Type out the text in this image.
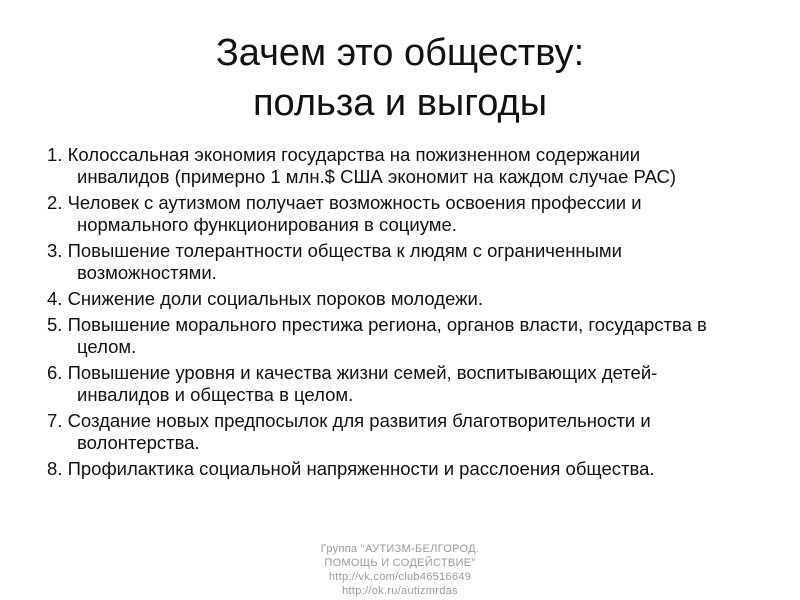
Зачем это обществу:
польза и выгоды
1. Колоссальная экономия государства на пожизненном содержании инвалидов (примерно 1 млн.$ США экономит на каждом случае РАС)
2. Человек с аутизмом получает возможность освоения профессии и нормального функционирования в социуме.
3. Повышение толерантности общества к людям с ограниченными возможностями.
4. Снижение доли социальных пороков молодежи.
5. Повышение морального престижа региона, органов власти, государства в целом.
6. Повышение уровня и качества жизни семей, воспитывающих детей-инвалидов и общества в целом.
7. Создание новых предпосылок для развития благотворительности и волонтерства.
8. Профилактика социальной напряженности и расслоения общества.
Группа "АУТИЗМ-БЕЛГОРОД.
ПОМОЩЬ И СОДЕЙСТВИЕ"
http://vk.com/club46516649
http://ok.ru/autizmrdas
